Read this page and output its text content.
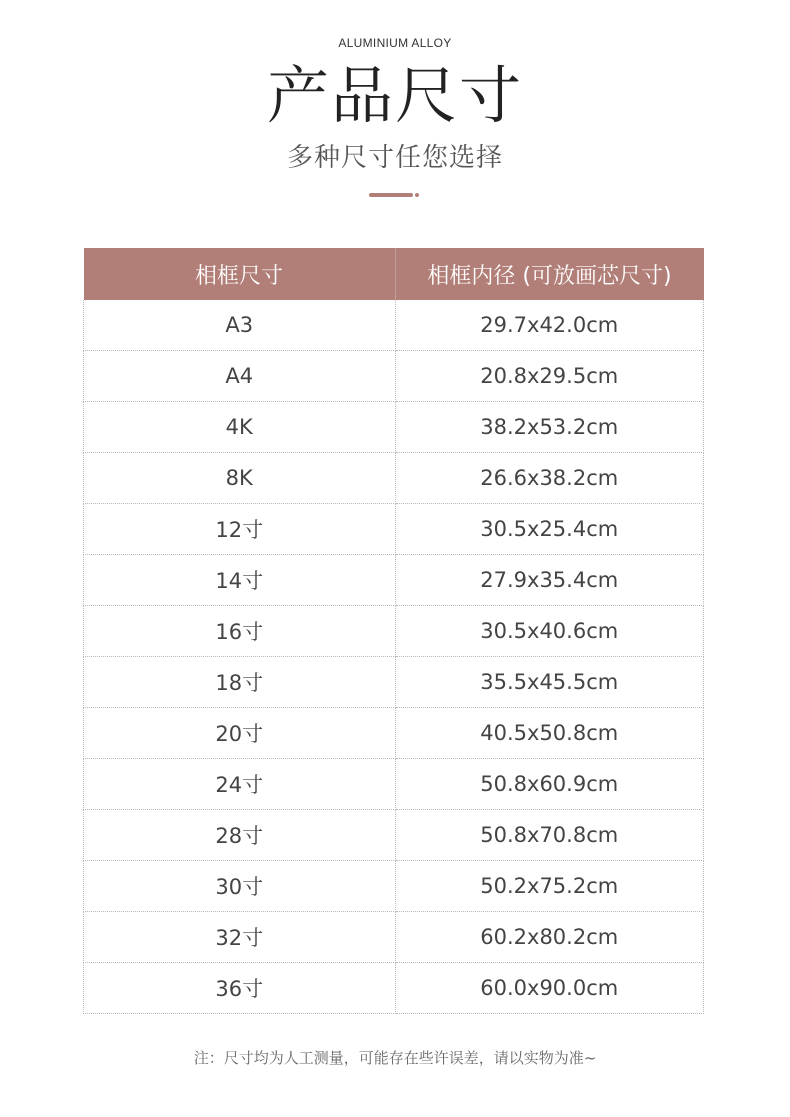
ALUMINIUM ALLOY
产品尺寸
多种尺寸任您选择
相框尺寸	相框内径 (可放画芯尺寸)
A3	29.7x42.0cm
A4	20.8x29.5cm
4K	38.2x53.2cm
8K	26.6x38.2cm
12寸	30.5x25.4cm
14寸	27.9x35.4cm
16寸	30.5x40.6cm
18寸	35.5x45.5cm
20寸	40.5x50.8cm
24寸	50.8x60.9cm
28寸	50.8x70.8cm
30寸	50.2x75.2cm
32寸	60.2x80.2cm
36寸	60.0x90.0cm
注：尺寸均为人工测量，可能存在些许误差，请以实物为准~
